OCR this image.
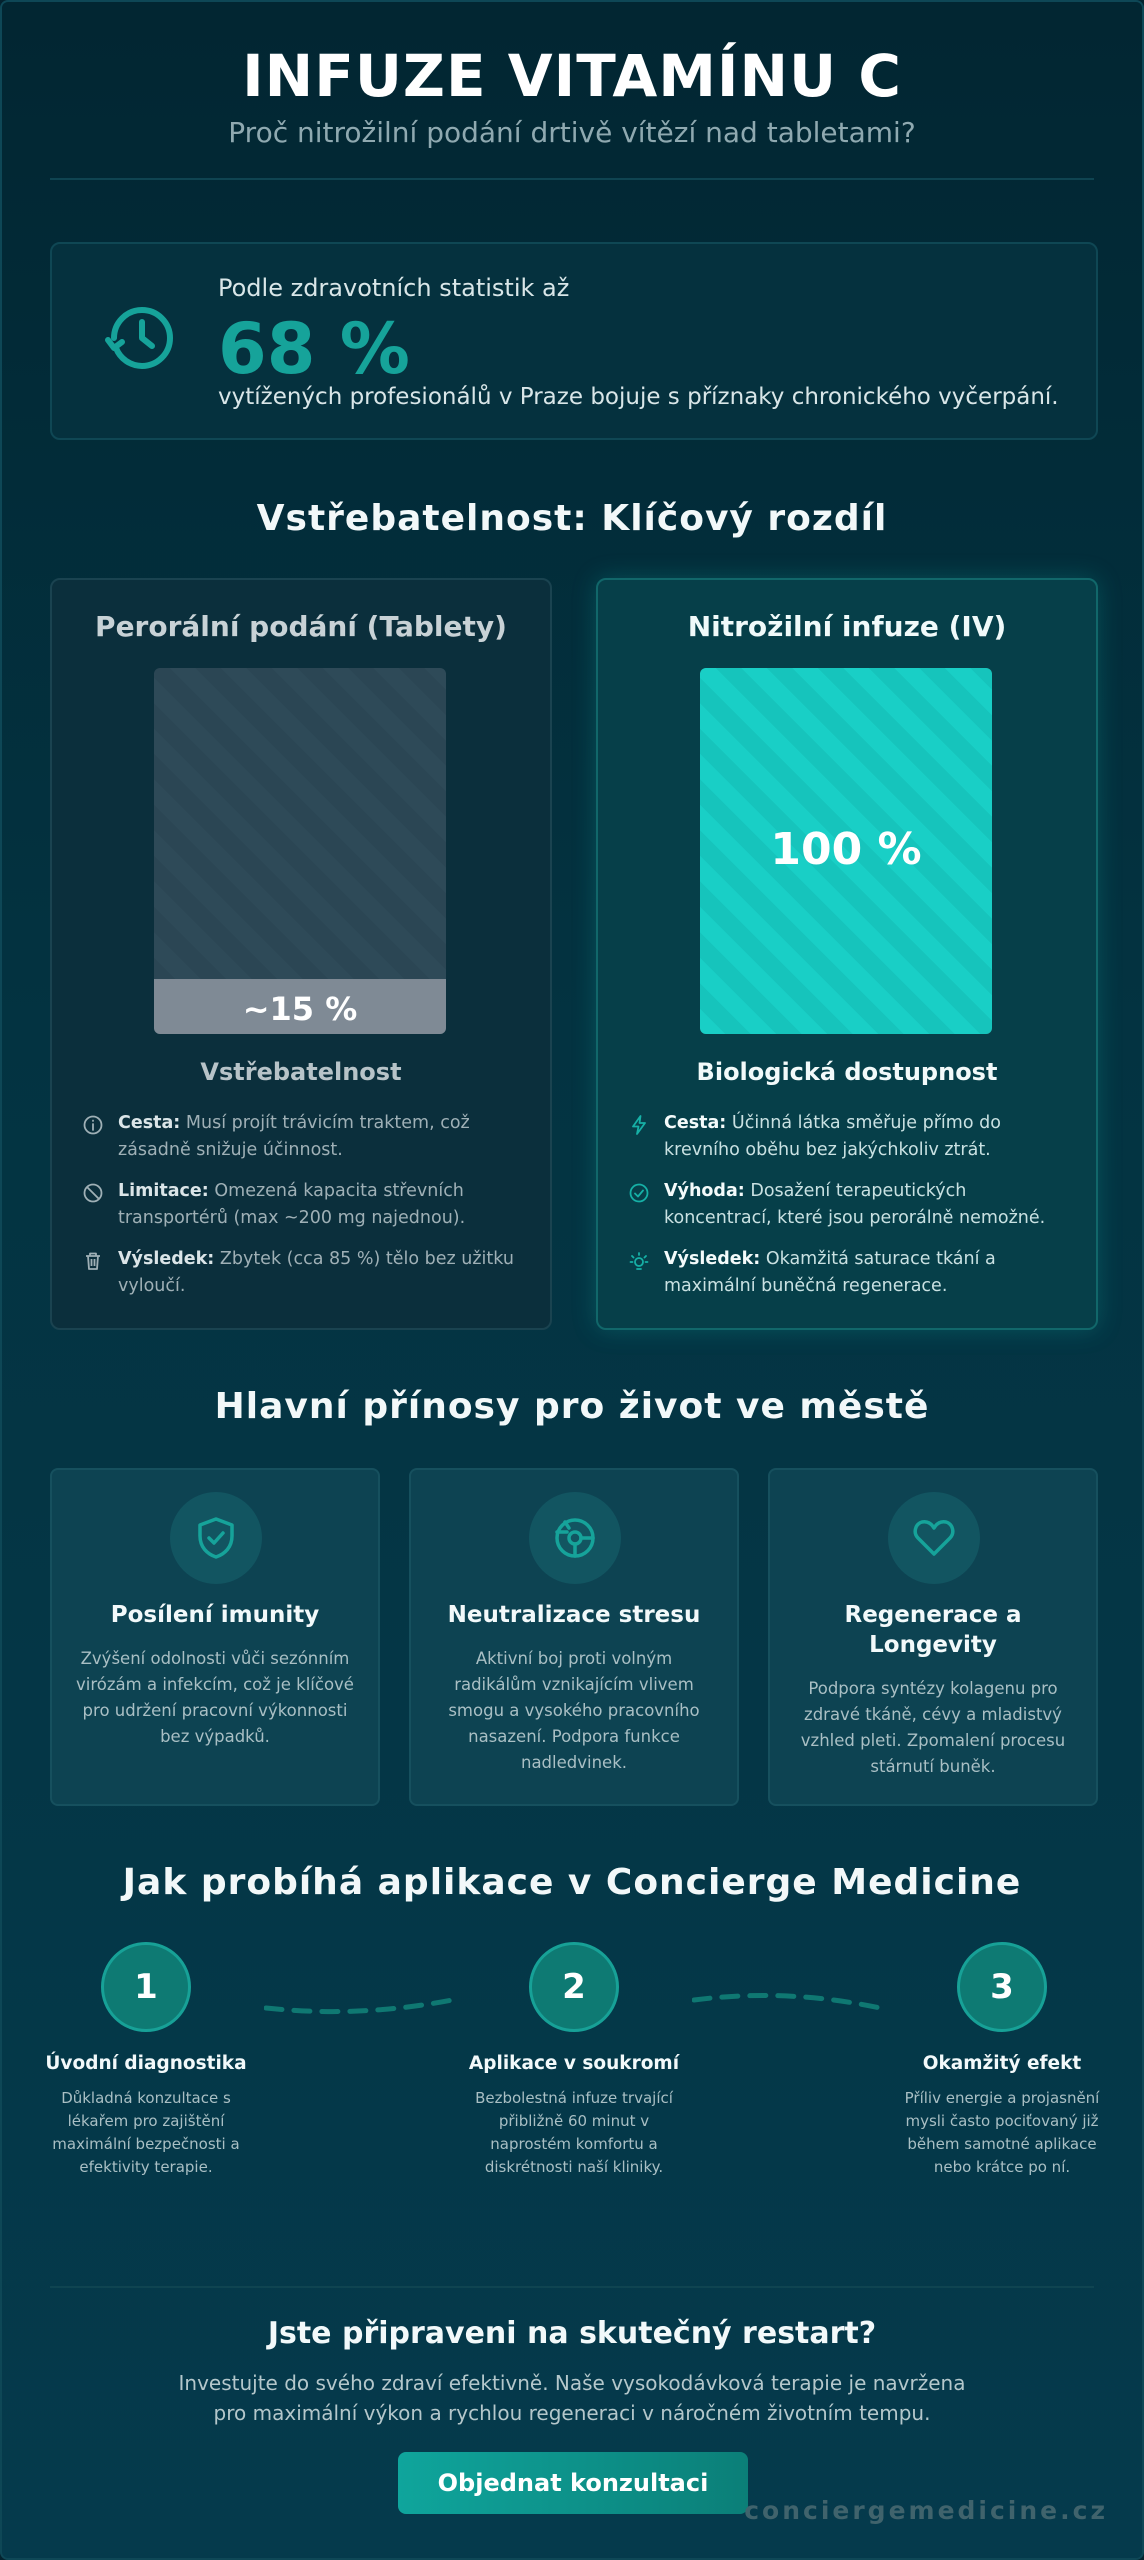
INFUZE VITAMÍNU C
Proč nitrožilní podání drtivě vítězí nad tabletami?
Podle zdravotních statistik až
68 %
vytížených profesionálů v Praze bojuje s příznaky chronického vyčerpání.
Vstřebatelnost: Klíčový rozdíl
Perorální podání (Tablety)
~15 %
Vstřebatelnost
Cesta: Musí projít trávicím traktem, což zásadně snižuje účinnost.
Limitace: Omezená kapacita střevních transportérů (max ~200 mg najednou).
Výsledek: Zbytek (cca 85 %) tělo bez užitku vyloučí.
Nitrožilní infuze (IV)
100 %
Biologická dostupnost
Cesta: Účinná látka směřuje přímo do krevního oběhu bez jakýchkoliv ztrát.
Výhoda: Dosažení terapeutických koncentrací, které jsou perorálně nemožné.
Výsledek: Okamžitá saturace tkání a maximální buněčná regenerace.
Hlavní přínosy pro život ve městě
Posílení imunity
Zvýšení odolnosti vůči sezónním virózám a infekcím, což je klíčové pro udržení pracovní výkonnosti bez výpadků.
Neutralizace stresu
Aktivní boj proti volným radikálům vznikajícím vlivem smogu a vysokého pracovního nasazení. Podpora funkce nadledvinek.
Regenerace a Longevity
Podpora syntézy kolagenu pro zdravé tkáně, cévy a mladistvý vzhled pleti. Zpomalení procesu stárnutí buněk.
Jak probíhá aplikace v Concierge Medicine
1
Úvodní diagnostika
Důkladná konzultace s lékařem pro zajištění maximální bezpečnosti a efektivity terapie.
2
Aplikace v soukromí
Bezbolestná infuze trvající přibližně 60 minut v naprostém komfortu a diskrétnosti naší kliniky.
3
Okamžitý efekt
Příliv energie a projasnění mysli často pociťovaný již během samotné aplikace nebo krátce po ní.
Jste připraveni na skutečný restart?
Investujte do svého zdraví efektivně. Naše vysokodávková terapie je navržena pro maximální výkon a rychlou regeneraci v náročném životním tempu.
Objednat konzultaci
conciergemedicine.cz
